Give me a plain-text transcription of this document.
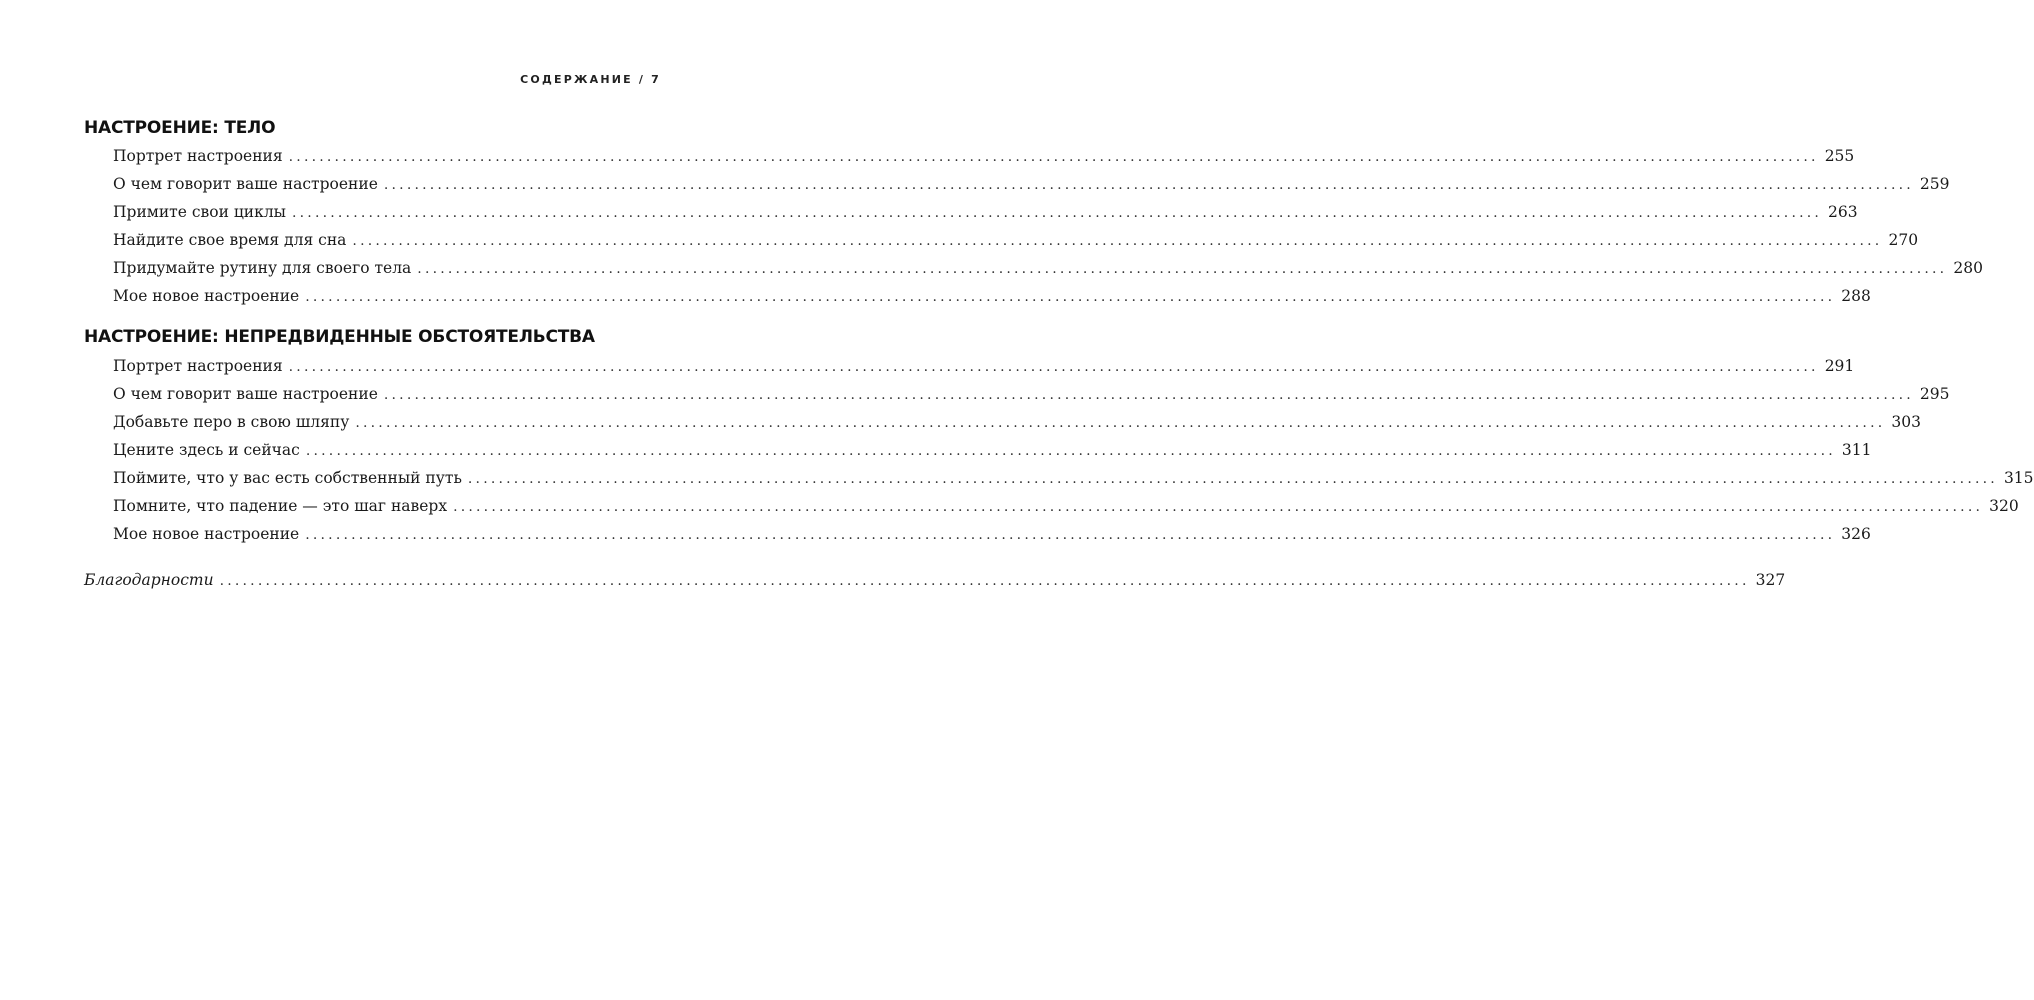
СОДЕРЖАНИЕ / 7
НАСТРОЕНИЕ: ТЕЛО
Портрет настроения ........................................................................................................................................................................................................ 255
О чем говорит ваше настроение ........................................................................................................................................................................................................ 259
Примите свои циклы ........................................................................................................................................................................................................ 263
Найдите свое время для сна ........................................................................................................................................................................................................ 270
Придумайте рутину для своего тела ........................................................................................................................................................................................................ 280
Мое новое настроение ........................................................................................................................................................................................................ 288
НАСТРОЕНИЕ: НЕПРЕДВИДЕННЫЕ ОБСТОЯТЕЛЬСТВА
Портрет настроения ........................................................................................................................................................................................................ 291
О чем говорит ваше настроение ........................................................................................................................................................................................................ 295
Добавьте перо в свою шляпу ........................................................................................................................................................................................................ 303
Цените здесь и сейчас ........................................................................................................................................................................................................ 311
Поймите, что у вас есть собственный путь ........................................................................................................................................................................................................ 315
Помните, что падение — это шаг наверх ........................................................................................................................................................................................................ 320
Мое новое настроение ........................................................................................................................................................................................................ 326
Благодарности ........................................................................................................................................................................................................ 327
